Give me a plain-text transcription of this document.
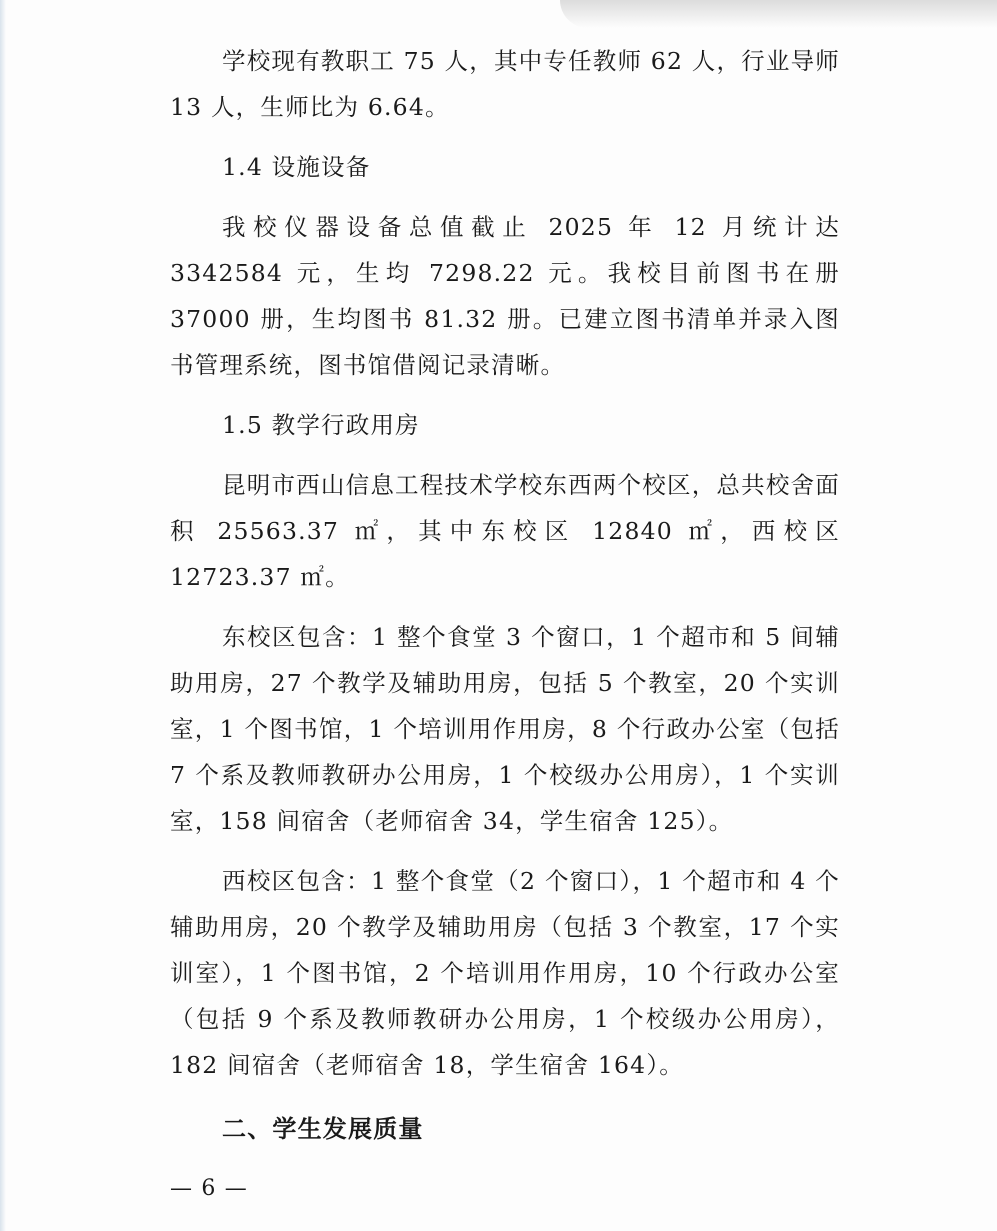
学校现有教职工 75 人，其中专任教师 62 人，行业导师 13 人，生师比为 6.64。

1.4 设施设备

我校仪器设备总值截止 2025 年 12 月统计达 3342584 元，生均 7298.22 元。我校目前图书在册 37000 册，生均图书 81.32 册。已建立图书清单并录入图书管理系统，图书馆借阅记录清晰。

1.5 教学行政用房

昆明市西山信息工程技术学校东西两个校区，总共校舍面积 25563.37 ㎡，其中东校区 12840 ㎡，西校区 12723.37 ㎡。

东校区包含：1 整个食堂 3 个窗口，1 个超市和 5 间辅助用房，27 个教学及辅助用房，包括 5 个教室，20 个实训室，1 个图书馆，1 个培训用作用房，8 个行政办公室（包括 7 个系及教师教研办公用房，1 个校级办公用房），1 个实训室，158 间宿舍（老师宿舍 34，学生宿舍 125）。

西校区包含：1 整个食堂（2 个窗口），1 个超市和 4 个辅助用房，20 个教学及辅助用房（包括 3 个教室，17 个实训室），1 个图书馆，2 个培训用作用房，10 个行政办公室（包括 9 个系及教师教研办公用房，1 个校级办公用房），182 间宿舍（老师宿舍 18，学生宿舍 164）。

二、学生发展质量

— 6 —
